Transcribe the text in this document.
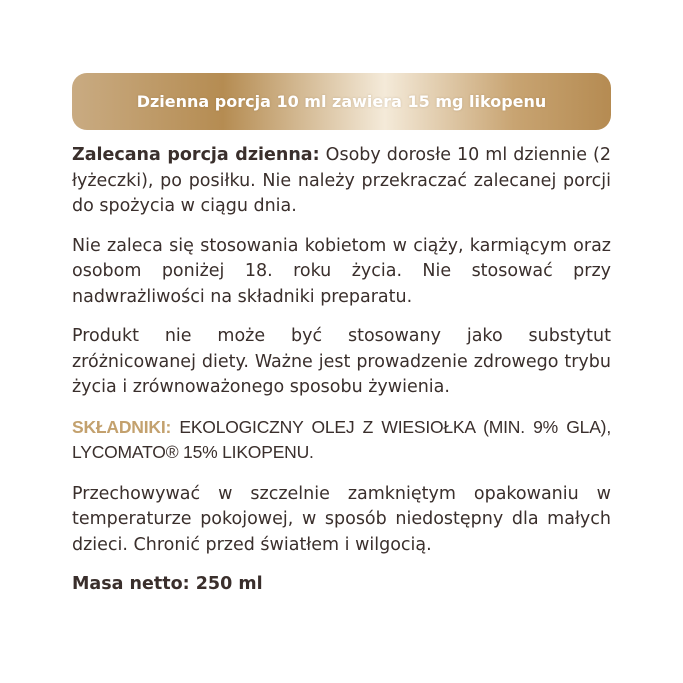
Dzienna porcja 10 ml zawiera 15 mg likopenu

Zalecana porcja dzienna: Osoby dorosłe 10 ml dziennie (2 łyżeczki), po posiłku. Nie należy przekraczać zalecanej porcji do spożycia w ciągu dnia.

Nie zaleca się stosowania kobietom w ciąży, karmiącym oraz osobom poniżej 18. roku życia. Nie stosować przy nadwrażliwości na składniki preparatu.

Produkt nie może być stosowany jako substytut zróżnicowanej diety. Ważne jest prowadzenie zdrowego trybu życia i zrównoważonego sposobu żywienia.

SKŁADNIKI: EKOLOGICZNY OLEJ Z WIESIOŁKA (MIN. 9% GLA), LYCOMATO® 15% LIKOPENU.

Przechowywać w szczelnie zamkniętym opakowaniu w temperaturze pokojowej, w sposób niedostępny dla małych dzieci. Chronić przed światłem i wilgocią.

Masa netto: 250 ml
